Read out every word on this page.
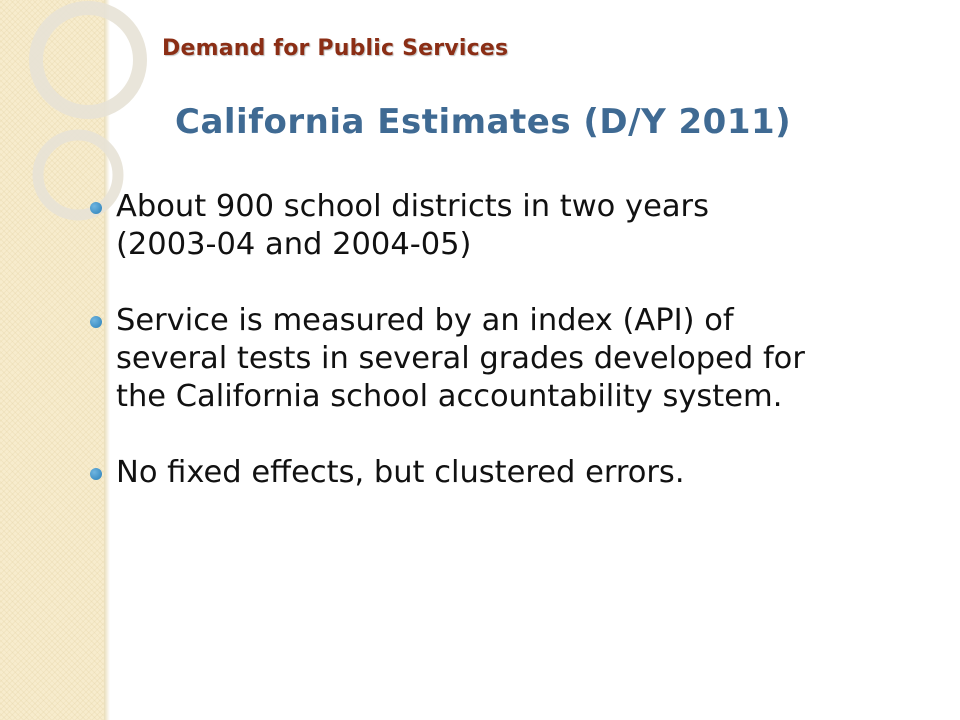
Demand for Public Services
California Estimates (D/Y 2011)
About 900 school districts in two years
(2003-04 and 2004-05)
Service is measured by an index (API) of
several tests in several grades developed for
the California school accountability system.
No fixed effects, but clustered errors.
